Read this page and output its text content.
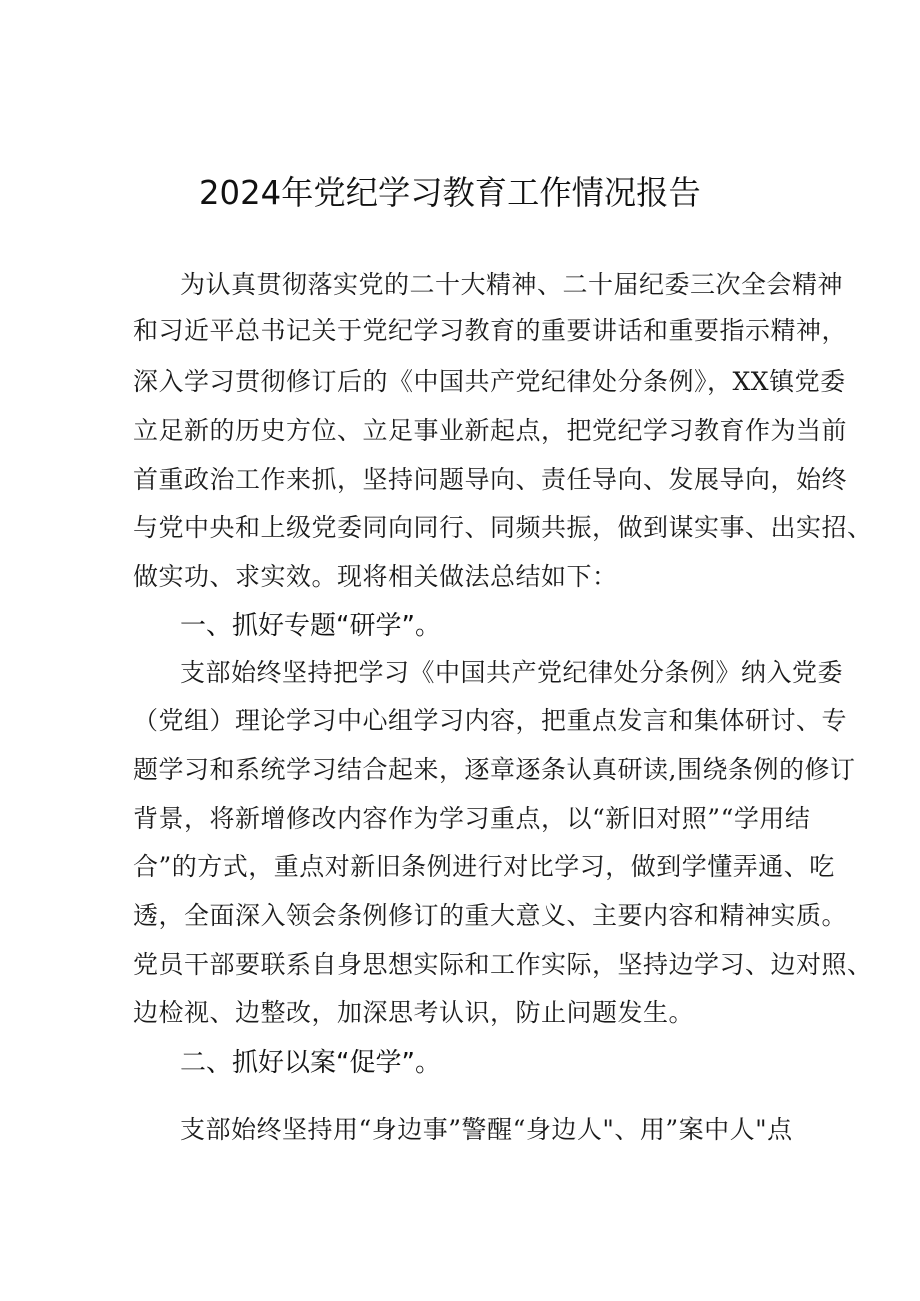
2024年党纪学习教育工作情况报告
为认真贯彻落实党的二十大精神、二十届纪委三次全会精神
和习近平总书记关于党纪学习教育的重要讲话和重要指示精神，
深入学习贯彻修订后的《中国共产党纪律处分条例》，XX镇党委
立足新的历史方位、立足事业新起点，把党纪学习教育作为当前
首重政治工作来抓，坚持问题导向、责任导向、发展导向，始终
与党中央和上级党委同向同行、同频共振，做到谋实事、出实招、
做实功、求实效。现将相关做法总结如下：
一、抓好专题“研学”。
支部始终坚持把学习《中国共产党纪律处分条例》纳入党委
（党组）理论学习中心组学习内容，把重点发言和集体研讨、专
题学习和系统学习结合起来，逐章逐条认真研读,围绕条例的修订
背景，将新增修改内容作为学习重点，以“新旧对照”“学用结
合”的方式，重点对新旧条例进行对比学习，做到学懂弄通、吃
透，全面深入领会条例修订的重大意义、主要内容和精神实质。
党员干部要联系自身思想实际和工作实际，坚持边学习、边对照、
边检视、边整改，加深思考认识，防止问题发生。
二、抓好以案“促学”。
支部始终坚持用“身边事”警醒“身边人"、用”案中人"点
